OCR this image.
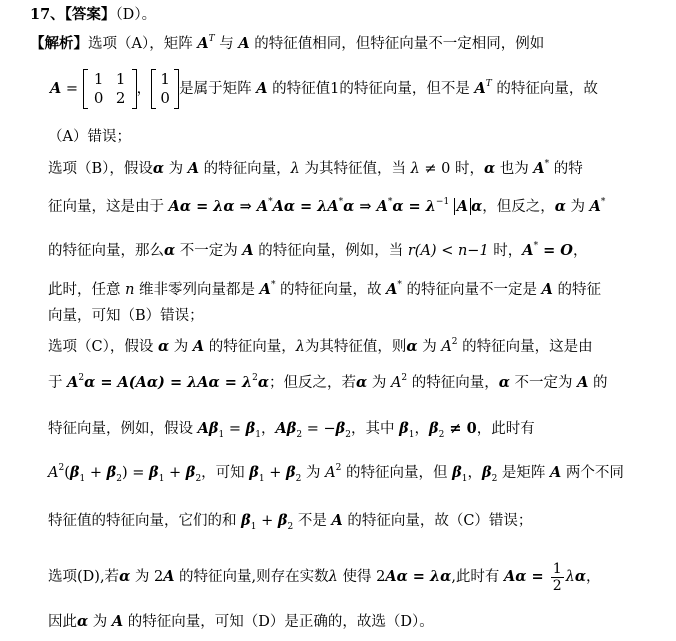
17、【答案】（D）。
【解析】选项（A），矩阵 $A^T$ 与 A 的特征值相同，但特征向量不一定相同，例如
A =
1 1
0 2 ，
1
0 是属于矩阵 A 的特征值1的特征向量，但不是 $A^T$ 的特征向量，故
（A）错误；
选项（B），假设α 为 A 的特征向量，λ 为其特征值，当 λ ≠ 0 时，α 也为 A* 的特
征向量，这是由于 Aα = λα ⇒ A*Aα = λA*α ⇒ $A^*\alpha = \lambda^{-1}$ A α，但反之，α 为 A*
的特征向量，那么α 不一定为 A 的特征向量，例如，当 r(A) < n−1 时，A* = O，
此时，任意 n 维非零列向量都是 A* 的特征向量，故 A* 的特征向量不一定是 A 的特征
向量，可知（B）错误；
选项（C），假设 α 为 A 的特征向量，λ为其特征值，则α 为 $A^2$ 的特征向量，这是由
于 $A^2\alpha = A(A\alpha) = \lambda A\alpha = \lambda^2\alpha$；但反之，若α 为 $A^2$ 的特征向量，α 不一定为 A 的
特征向量，例如，假设 $A\beta_1 = \beta_1$，$A\beta_2 = -\beta_2$，其中 $\beta_1$，$\beta_2 \ne 0$，此时有
$A^2(\beta_1 + \beta_2) = \beta_1 + \beta_2$，可知 $\beta_1 + \beta_2$ 为 $A^2$ 的特征向量，但 $\beta_1$，$\beta_2$ 是矩阵 A 两个不同
特征值的特征向量，它们的和 $\beta_1 + \beta_2$ 不是 A 的特征向量，故（C）错误；
选项(D),若α 为 2A 的特征向量,则存在实数λ 使得 2Aα = λα,此时有 $A\alpha = \frac{1}{2}$ λα，
因此α 为 A 的特征向量，可知（D）是正确的，故选（D）。
